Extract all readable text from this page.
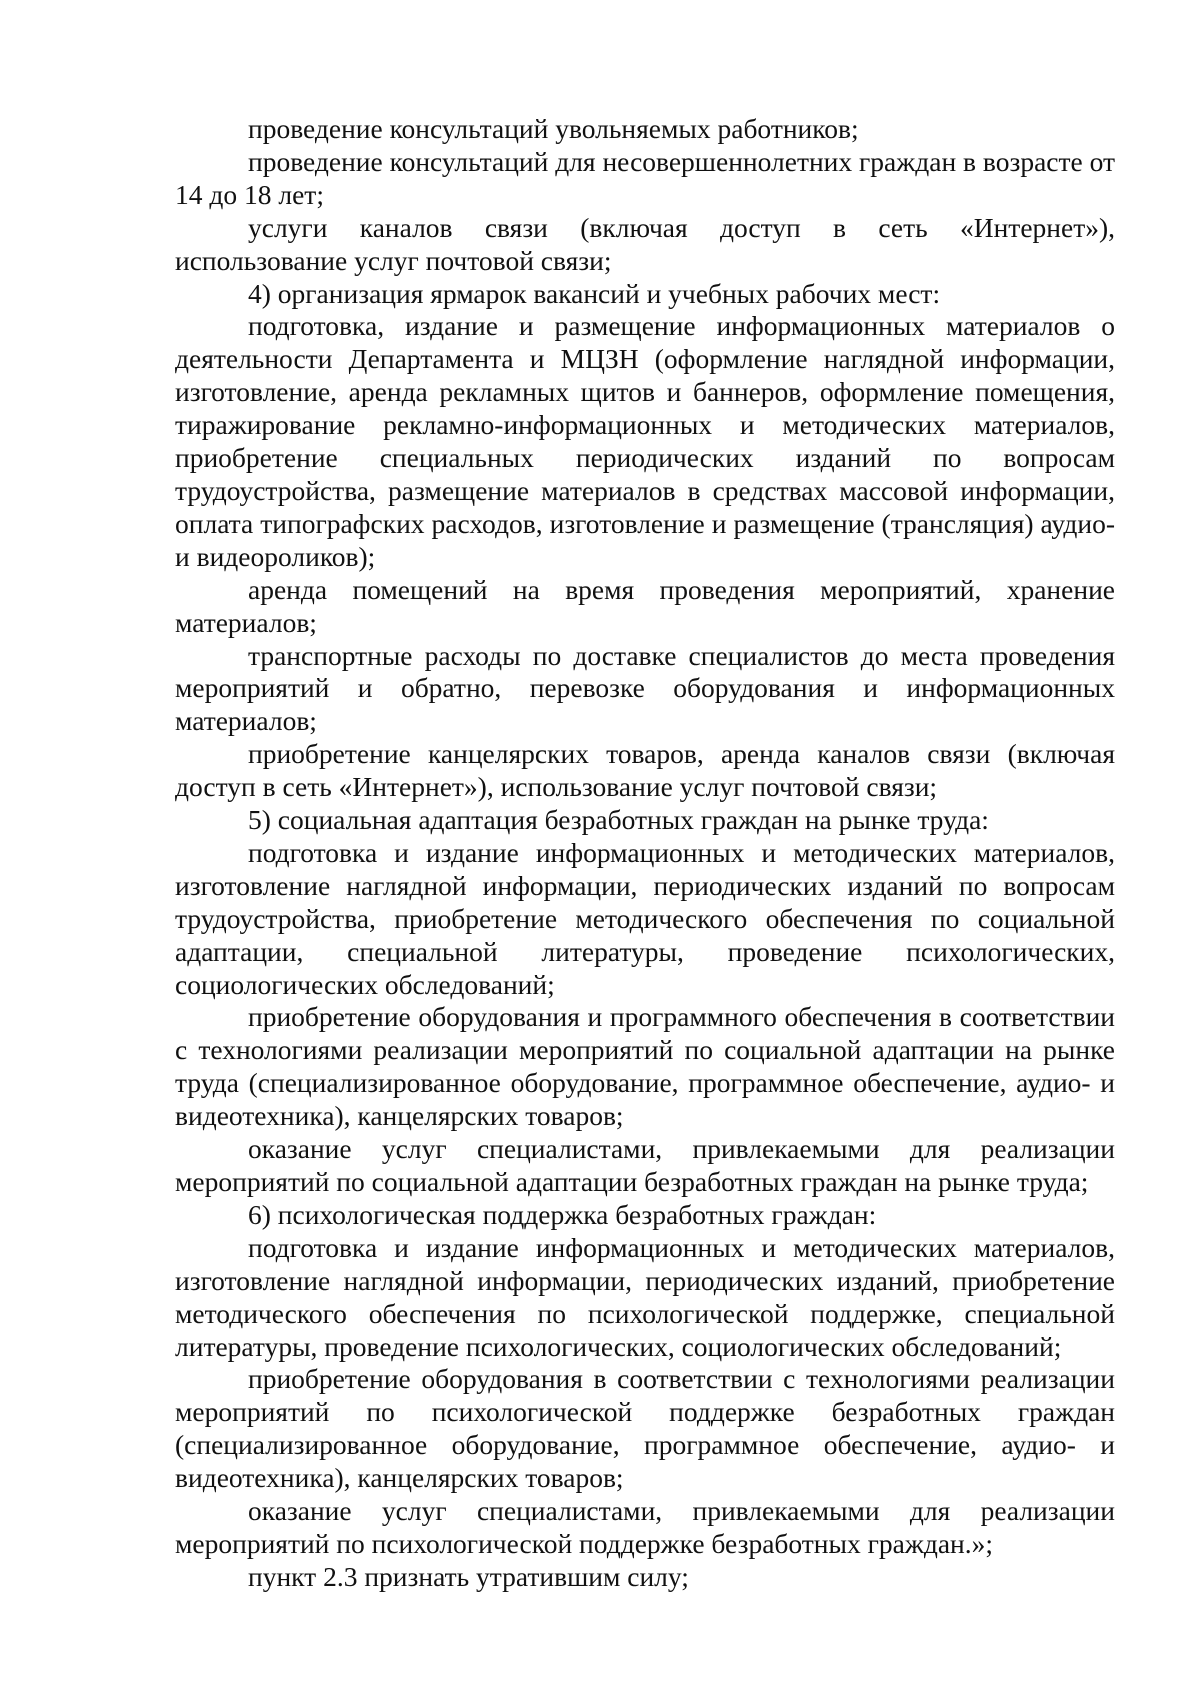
проведение консультаций увольняемых работников;

проведение консультаций для несовершеннолетних граждан в возрасте от 14 до 18 лет;

услуги каналов связи (включая доступ в сеть «Интернет»), использование услуг почтовой связи;

4) организация ярмарок вакансий и учебных рабочих мест:

подготовка, издание и размещение информационных материалов о деятельности Департамента и МЦЗН (оформление наглядной информации, изготовление, аренда рекламных щитов и баннеров, оформление помещения, тиражирование рекламно-информационных и методических материалов, приобретение специальных периодических изданий по вопросам трудоустройства, размещение материалов в средствах массовой информации, оплата типографских расходов, изготовление и размещение (трансляция) аудио- и видеороликов);

аренда помещений на время проведения мероприятий, хранение материалов;

транспортные расходы по доставке специалистов до места проведения мероприятий и обратно, перевозке оборудования и информационных материалов;

приобретение канцелярских товаров, аренда каналов связи (включая доступ в сеть «Интернет»), использование услуг почтовой связи;

5) социальная адаптация безработных граждан на рынке труда:

подготовка и издание информационных и методических материалов, изготовление наглядной информации, периодических изданий по вопросам трудоустройства, приобретение методического обеспечения по социальной адаптации, специальной литературы, проведение психологических, социологических обследований;

приобретение оборудования и программного обеспечения в соответствии с технологиями реализации мероприятий по социальной адаптации на рынке труда (специализированное оборудование, программное обеспечение, аудио- и видеотехника), канцелярских товаров;

оказание услуг специалистами, привлекаемыми для реализации мероприятий по социальной адаптации безработных граждан на рынке труда;

6) психологическая поддержка безработных граждан:

подготовка и издание информационных и методических материалов, изготовление наглядной информации, периодических изданий, приобретение методического обеспечения по психологической поддержке, специальной литературы, проведение психологических, социологических обследований;

приобретение оборудования в соответствии с технологиями реализации мероприятий по психологической поддержке безработных граждан (специализированное оборудование, программное обеспечение, аудио- и видеотехника), канцелярских товаров;

оказание услуг специалистами, привлекаемыми для реализации мероприятий по психологической поддержке безработных граждан.»;

пункт 2.3 признать утратившим силу;
